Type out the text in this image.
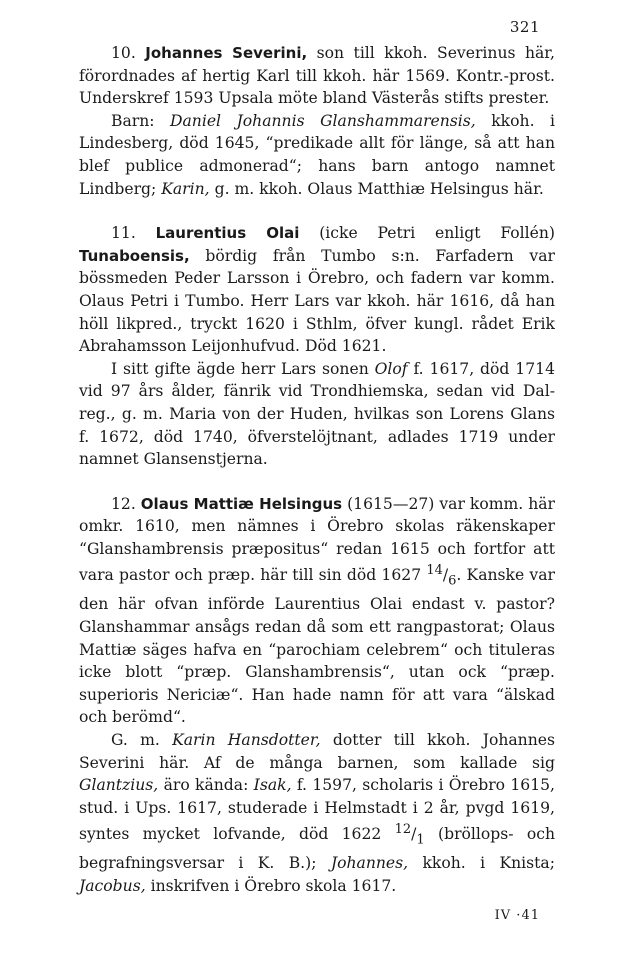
321

10. Johannes Severini, son till kkoh. Severinus här, förordnades af hertig Karl till kkoh. här 1569. Kontr.-prost. Underskref 1593 Upsala möte bland Västerås stifts prester.

Barn: Daniel Johannis Glanshammarensis, kkoh. i Lindesberg, död 1645, “predikade allt för länge, så att han blef publice admonerad“; hans barn antogo namnet Lindberg; Karin, g. m. kkoh. Olaus Matthiæ Helsingus här.

11. Laurentius Olai (icke Petri enligt Follén) Tunaboensis, bördig från Tumbo s:n. Farfadern var bössmeden Peder Larsson i Örebro, och fadern var komm. Olaus Petri i Tumbo. Herr Lars var kkoh. här 1616, då han höll likpred., tryckt 1620 i Sthlm, öfver kungl. rådet Erik Abrahamsson Leijonhufvud. Död 1621.

I sitt gifte ägde herr Lars sonen Olof f. 1617, död 1714 vid 97 års ålder, fänrik vid Trondhiemska, sedan vid Dal-reg., g. m. Maria von der Huden, hvilkas son Lorens Glans f. 1672, död 1740, öfverstelöjtnant, adlades 1719 under namnet Glansenstjerna.

12. Olaus Mattiæ Helsingus (1615—27) var komm. här omkr. 1610, men nämnes i Örebro skolas räkenskaper “Glanshambrensis præpositus“ redan 1615 och fortfor att vara pastor och præp. här till sin död 1627 $^{14}/_6$. Kanske var den här ofvan införde Laurentius Olai endast v. pastor? Glanshammar ansågs redan då som ett rangpastorat; Olaus Mattiæ säges hafva en “parochiam celebrem“ och tituleras icke blott “præp. Glanshambrensis“, utan ock “præp. superioris Nericiæ“. Han hade namn för att vara “älskad och berömd“.

G. m. Karin Hansdotter, dotter till kkoh. Johannes Severini här. Af de många barnen, som kallade sig Glantzius, äro kända: Isak, f. 1597, scholaris i Örebro 1615, stud. i Ups. 1617, studerade i Helmstadt i 2 år, pvgd 1619, syntes mycket lofvande, död 1622 $^{12}/_1$ (bröllops- och begrafningsversar i K. B.); Johannes, kkoh. i Knista; Jacobus, inskrifven i Örebro skola 1617.

IV ·41
